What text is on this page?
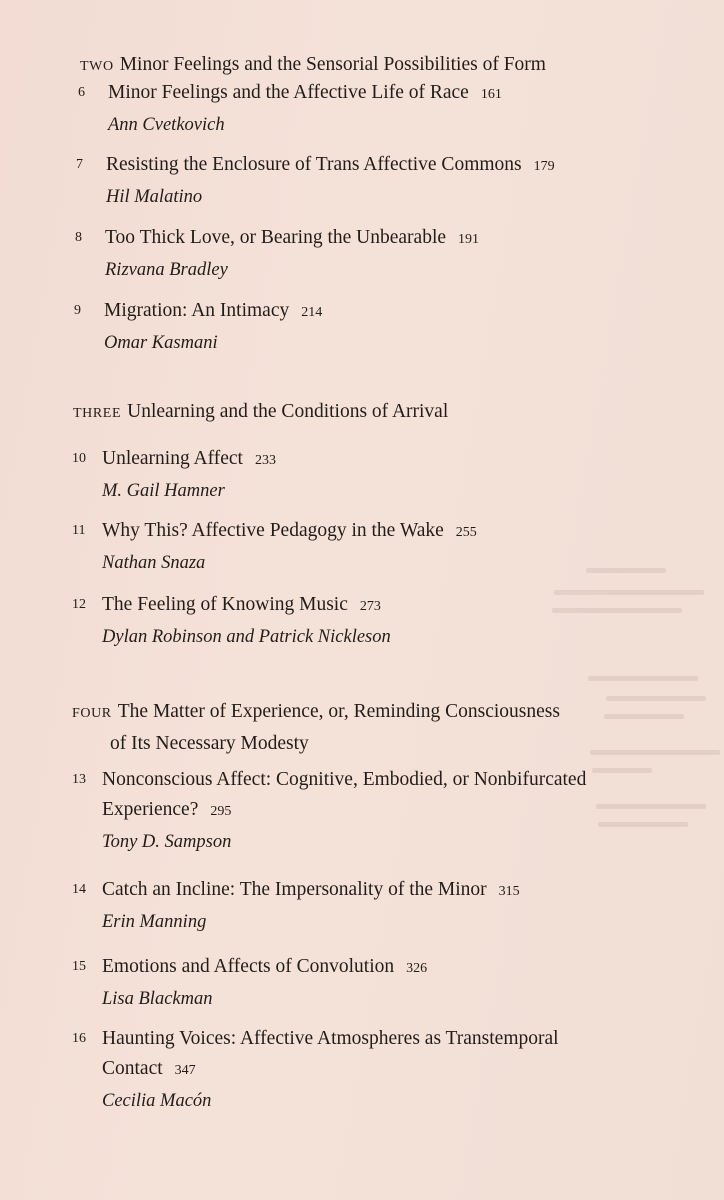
TWO Minor Feelings and the Sensorial Possibilities of Form
6	Minor Feelings and the Affective Life of Race 161
Ann Cvetkovich
7	Resisting the Enclosure of Trans Affective Commons 179
Hil Malatino
8	Too Thick Love, or Bearing the Unbearable 191
Rizvana Bradley
9	Migration: An Intimacy 214
Omar Kasmani
THREE Unlearning and the Conditions of Arrival
10 Unlearning Affect 233
M. Gail Hamner
11 Why This? Affective Pedagogy in the Wake 255
Nathan Snaza
12 The Feeling of Knowing Music 273
Dylan Robinson and Patrick Nickleson
FOUR The Matter of Experience, or, Reminding Consciousness
of Its Necessary Modesty
13 Nonconscious Affect: Cognitive, Embodied, or Nonbifurcated
Experience? 295
Tony D. Sampson
14 Catch an Incline: The Impersonality of the Minor 315
Erin Manning
15 Emotions and Affects of Convolution 326
Lisa Blackman
16 Haunting Voices: Affective Atmospheres as Transtemporal
Contact 347
Cecilia Macón
